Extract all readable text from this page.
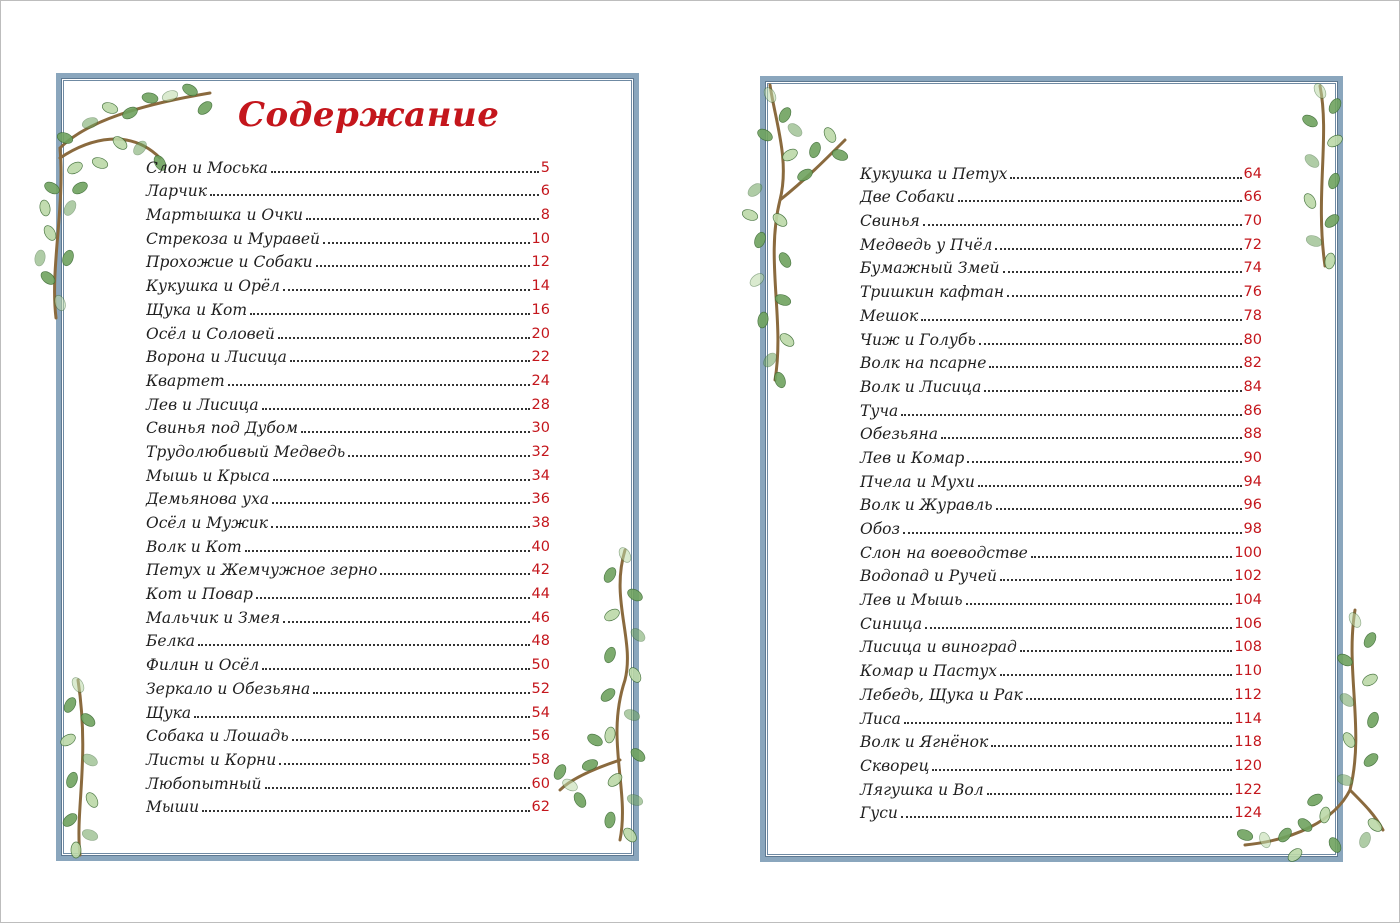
Содержание
Слон и Моська	5
Ларчик	6
Мартышка и Очки	8
Стрекоза и Муравей	10
Прохожие и Собаки	12
Кукушка и Орёл	14
Щука и Кот	16
Осёл и Соловей	20
Ворона и Лисица	22
Квартет	24
Лев и Лисица	28
Свинья под Дубом	30
Трудолюбивый Медведь	32
Мышь и Крыса	34
Демьянова уха	36
Осёл и Мужик	38
Волк и Кот	40
Петух и Жемчужное зерно	42
Кот и Повар	44
Мальчик и Змея	46
Белка	48
Филин и Осёл	50
Зеркало и Обезьяна	52
Щука	54
Собака и Лошадь	56
Листы и Корни	58
Любопытный	60
Мыши	62
Кукушка и Петух	64
Две Собаки	66
Свинья	70
Медведь у Пчёл	72
Бумажный Змей	74
Тришкин кафтан	76
Мешок	78
Чиж и Голубь	80
Волк на псарне	82
Волк и Лисица	84
Туча	86
Обезьяна	88
Лев и Комар	90
Пчела и Мухи	94
Волк и Журавль	96
Обоз	98
Слон на воеводстве	100
Водопад и Ручей	102
Лев и Мышь	104
Синица	106
Лисица и виноград	108
Комар и Пастух	110
Лебедь, Щука и Рак	112
Лиса	114
Волк и Ягнёнок	118
Скворец	120
Лягушка и Вол	122
Гуси	124
